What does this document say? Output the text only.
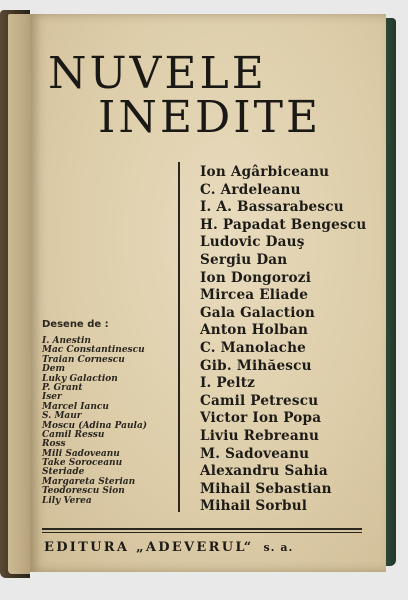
NUVELE
INEDITE
Ion Agârbiceanu
C. Ardeleanu
I. A. Bassarabescu
H. Papadat Bengescu
Ludovic Dauş
Sergiu Dan
Ion Dongorozi
Mircea Eliade
Gala Galaction
Anton Holban
C. Manolache
Gib. Mihăescu
I. Peltz
Camil Petrescu
Victor Ion Popa
Liviu Rebreanu
M. Sadoveanu
Alexandru Sahia
Mihail Sebastian
Mihail Sorbul
Desene de :
I. Anestin
Mac Constantinescu
Traian Cornescu
Dem
Luky Galaction
P. Grant
Iser
Marcel Iancu
S. Maur
Moscu (Adina Paula)
Camil Ressu
Ross
Mili Sadoveanu
Take Soroceanu
Steriade
Margareta Sterian
Teodorescu Sion
Lily Verea
EDITURA „ADEVERUL“ s. a.
